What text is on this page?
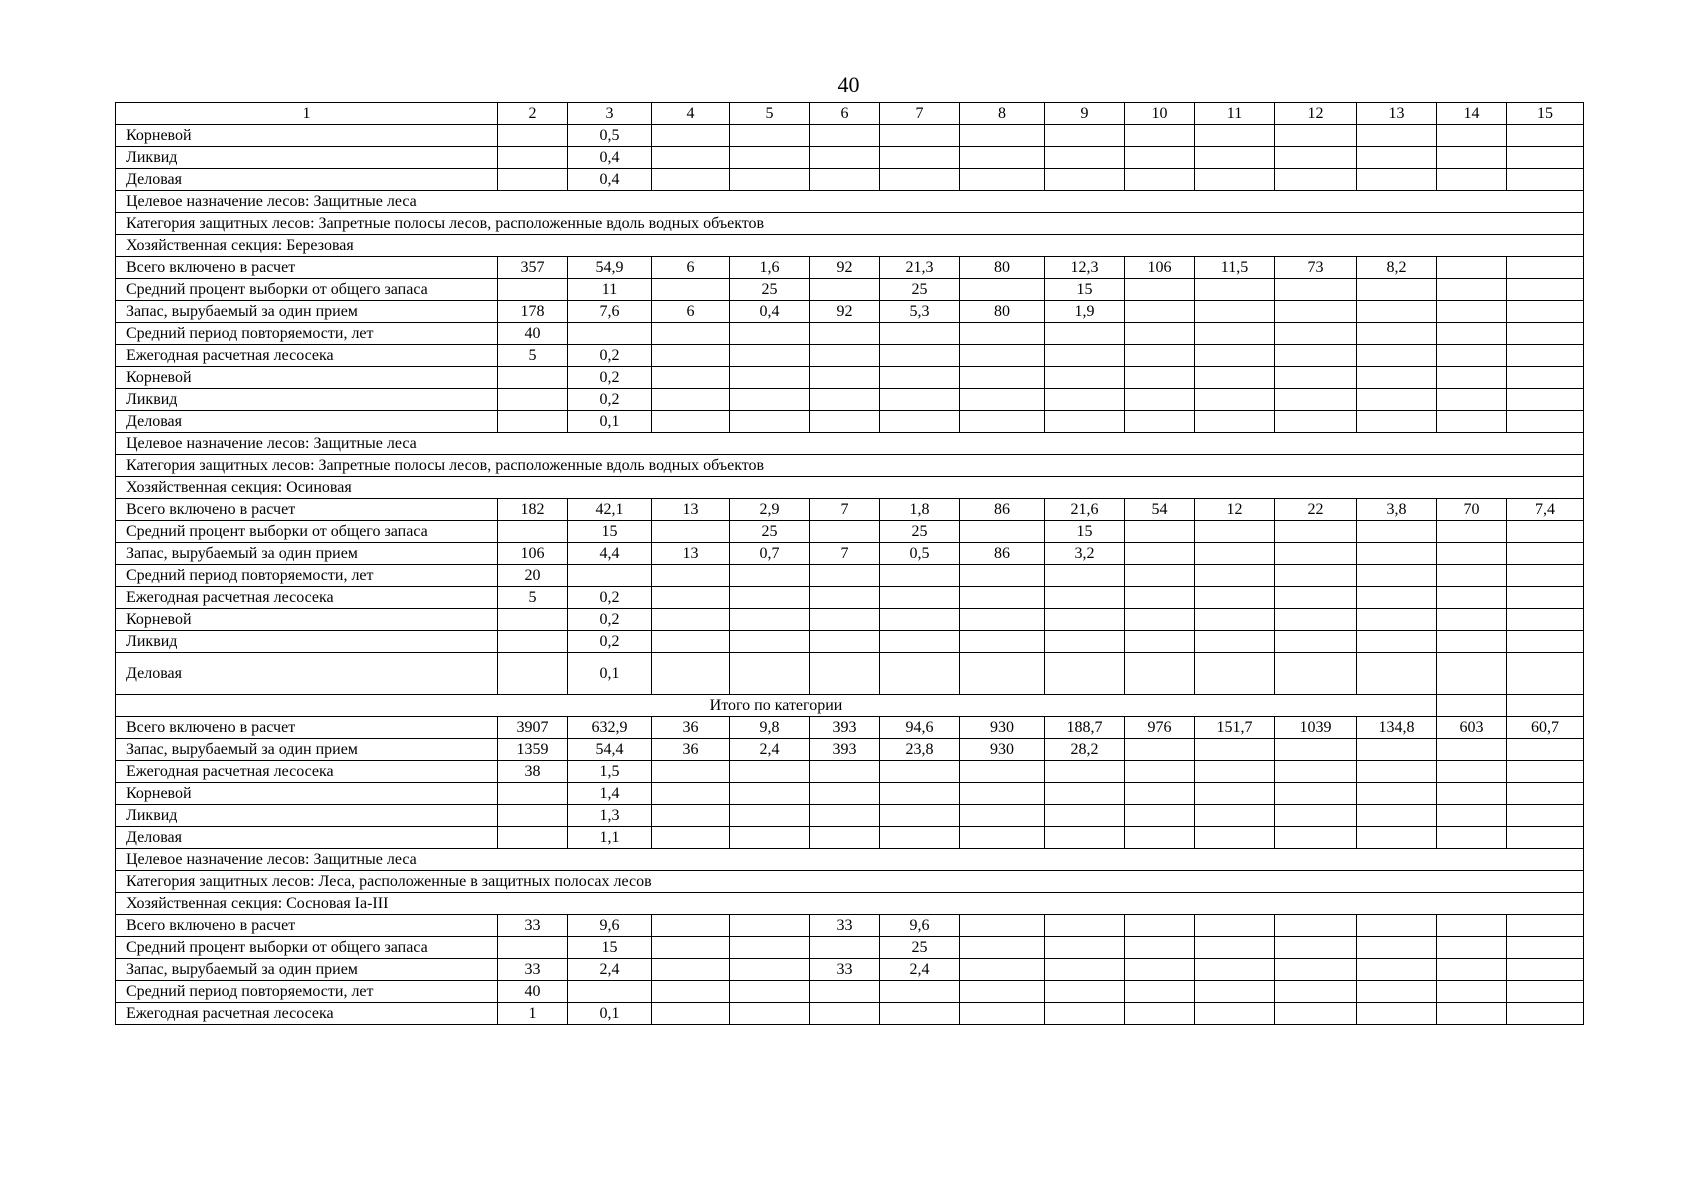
40
1	2	3	4	5	6	7	8	9	10	11	12	13	14	15
Корневой		0,5												
Ликвид		0,4												
Деловая		0,4												
Целевое назначение лесов: Защитные леса														
Категория защитных лесов: Запретные полосы лесов, расположенные вдоль водных объектов														
Хозяйственная секция: Березовая														
Всего включено в расчет	357	54,9	6	1,6	92	21,3	80	12,3	106	11,5	73	8,2		
Средний процент выборки от общего запаса		11		25		25		15						
Запас, вырубаемый за один прием	178	7,6	6	0,4	92	5,3	80	1,9						
Средний период повторяемости, лет	40													
Ежегодная расчетная лесосека	5	0,2												
Корневой		0,2												
Ликвид		0,2												
Деловая		0,1												
Целевое назначение лесов: Защитные леса														
Категория защитных лесов: Запретные полосы лесов, расположенные вдоль водных объектов														
Хозяйственная секция: Осиновая														
Всего включено в расчет	182	42,1	13	2,9	7	1,8	86	21,6	54	12	22	3,8	70	7,4
Средний процент выборки от общего запаса		15		25		25		15						
Запас, вырубаемый за один прием	106	4,4	13	0,7	7	0,5	86	3,2						
Средний период повторяемости, лет	20													
Ежегодная расчетная лесосека	5	0,2												
Корневой		0,2												
Ликвид		0,2												
Деловая		0,1												
Итого по категории														
Всего включено в расчет	3907	632,9	36	9,8	393	94,6	930	188,7	976	151,7	1039	134,8	603	60,7
Запас, вырубаемый за один прием	1359	54,4	36	2,4	393	23,8	930	28,2						
Ежегодная расчетная лесосека	38	1,5												
Корневой		1,4												
Ликвид		1,3												
Деловая		1,1												
Целевое назначение лесов: Защитные леса														
Категория защитных лесов: Леса, расположенные в защитных полосах лесов														
Хозяйственная секция: Сосновая Iа-III														
Всего включено в расчет	33	9,6			33	9,6								
Средний процент выборки от общего запаса		15				25								
Запас, вырубаемый за один прием	33	2,4			33	2,4								
Средний период повторяемости, лет	40													
Ежегодная расчетная лесосека	1	0,1												
